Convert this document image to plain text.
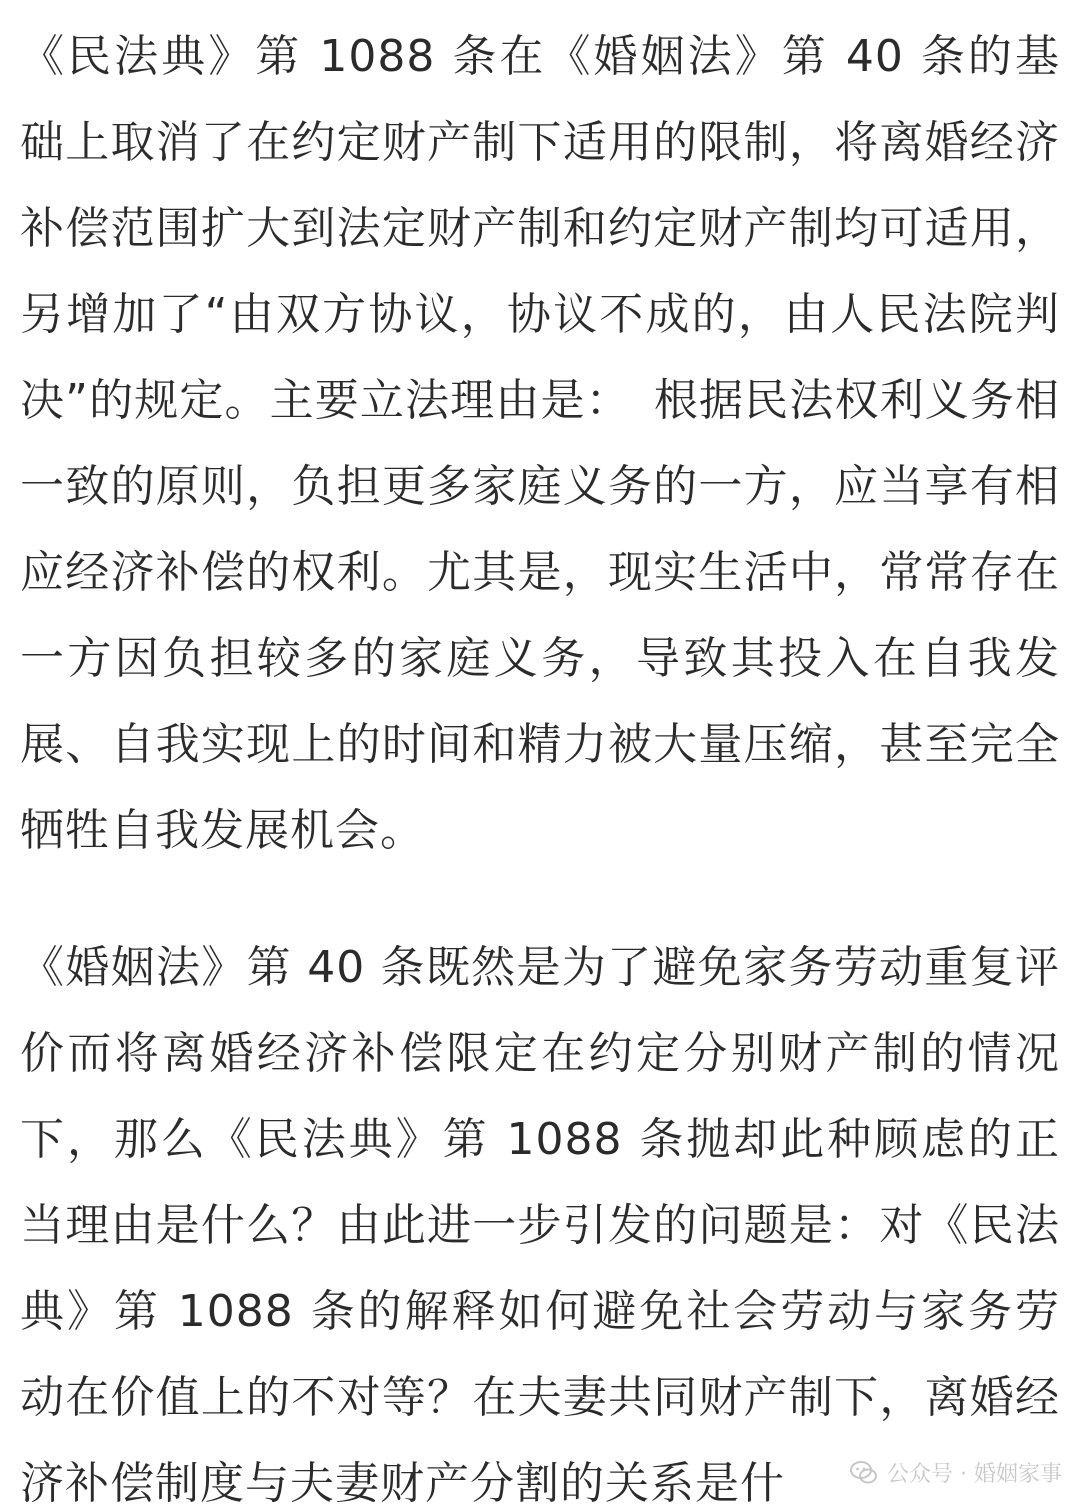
《民法典》第 1088 条在《婚姻法》第 40 条的基础上取消了在约定财产制下适用的限制，将离婚经济补偿范围扩大到法定财产制和约定财产制均可适用，另增加了“由双方协议，协议不成的，由人民法院判决”的规定。主要立法理由是：　根据民法权利义务相一致的原则，负担更多家庭义务的一方，应当享有相应经济补偿的权利。尤其是，现实生活中，常常存在一方因负担较多的家庭义务，导致其投入在自我发展、自我实现上的时间和精力被大量压缩，甚至完全牺牲自我发展机会。

《婚姻法》第 40 条既然是为了避免家务劳动重复评价而将离婚经济补偿限定在约定分别财产制的情况下，那么《民法典》第 1088 条抛却此种顾虑的正当理由是什么？由此进一步引发的问题是：对《民法典》第 1088 条的解释如何避免社会劳动与家务劳动在价值上的不对等？在夫妻共同财产制下，离婚经济补偿制度与夫妻财产分割的关系是什	公众号 · 婚姻家事
